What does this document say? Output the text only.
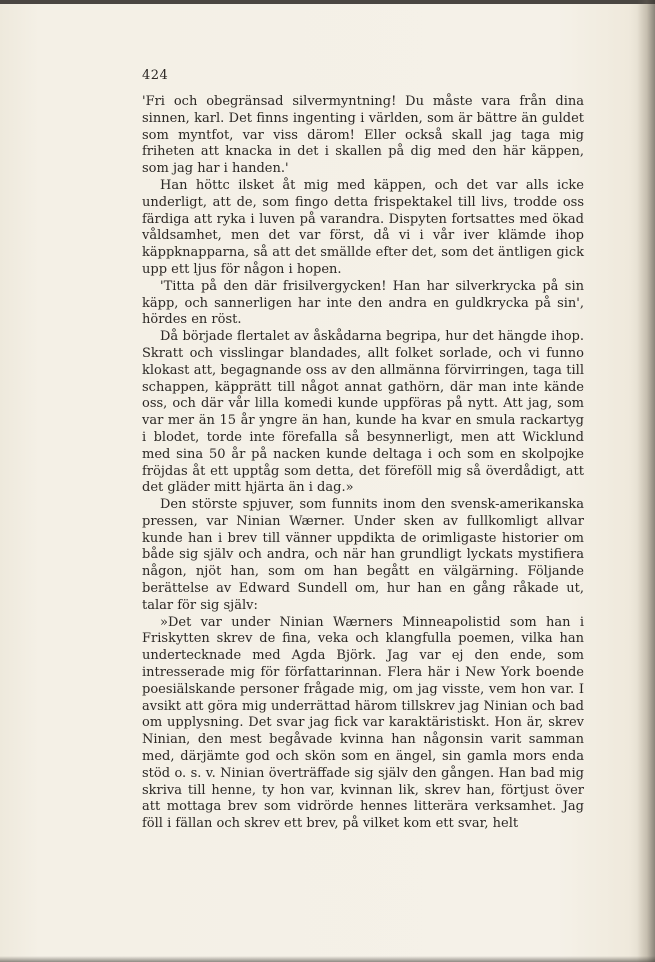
424

'Fri och obegränsad silvermyntning! Du måste vara från dina sinnen, karl. Det finns ingenting i världen, som är bättre än guldet som myntfot, var viss därom! Eller också skall jag taga mig friheten att knacka in det i skallen på dig med den här käppen, som jag har i handen.'

Han höttc ilsket åt mig med käppen, och det var alls icke underligt, att de, som fingo detta frispektakel till livs, trodde oss färdiga att ryka i luven på varandra. Dispyten fortsattes med ökad våldsamhet, men det var först, då vi i vår iver klämde ihop käppknapparna, så att det smällde efter det, som det äntligen gick upp ett ljus för någon i hopen.

'Titta på den där frisilvergycken! Han har silverkrycka på sin käpp, och sannerligen har inte den andra en guldkrycka på sin', hördes en röst.

Då började flertalet av åskådarna begripa, hur det hängde ihop. Skratt och visslingar blandades, allt folket sorlade, och vi funno klokast att, begagnande oss av den allmänna förvirringen, taga till schappen, käpprätt till något annat gathörn, där man inte kände oss, och där vår lilla komedi kunde uppföras på nytt. Att jag, som var mer än 15 år yngre än han, kunde ha kvar en smula rackartyg i blodet, torde inte förefalla så besynnerligt, men att Wicklund med sina 50 år på nacken kunde deltaga i och som en skolpojke fröjdas åt ett upptåg som detta, det föreföll mig så överdådigt, att det gläder mitt hjärta än i dag.»

Den störste spjuver, som funnits inom den svensk-amerikanska pressen, var Ninian Wærner. Under sken av fullkomligt allvar kunde han i brev till vänner uppdikta de orimligaste historier om både sig själv och andra, och när han grundligt lyckats mystifiera någon, njöt han, som om han begått en välgärning. Följande berättelse av Edward Sundell om, hur han en gång råkade ut, talar för sig själv:

»Det var under Ninian Wærners Minneapolistid som han i Friskytten skrev de fina, veka och klangfulla poemen, vilka han undertecknade med Agda Björk. Jag var ej den ende, som intresserade mig för författarinnan. Flera här i New York boende poesiälskande personer frågade mig, om jag visste, vem hon var. I avsikt att göra mig underrättad härom tillskrev jag Ninian och bad om upplysning. Det svar jag fick var karaktäristiskt. Hon är, skrev Ninian, den mest begåvade kvinna han någonsin varit samman med, därjämte god och skön som en ängel, sin gamla mors enda stöd o. s. v. Ninian överträffade sig själv den gången. Han bad mig skriva till henne, ty hon var, kvinnan lik, skrev han, förtjust över att mottaga brev som vidrörde hennes litterära verksamhet. Jag föll i fällan och skrev ett brev, på vilket kom ett svar, helt
